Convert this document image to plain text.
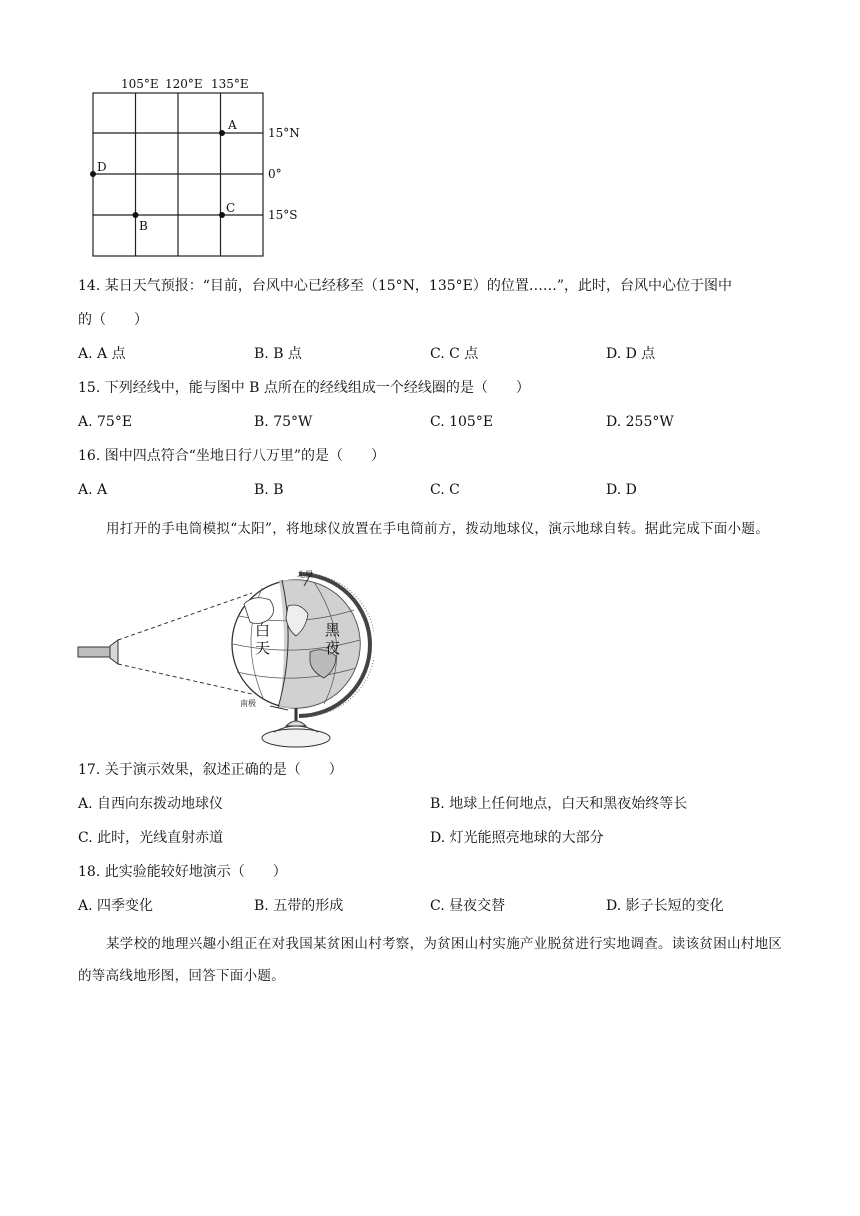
105°E 120°E 135°E
15°N
0°
15°S
A
B
C
D
14. 某日天气预报：“目前，台风中心已经移至（15°N，135°E）的位置……”，此时，台风中心位于图中
的（　　）
A. A 点	B. B 点	C. C 点	D. D 点
15. 下列经线中，能与图中 B 点所在的经线组成一个经线圈的是（　　）
A. 75°E	B. 75°W	C. 105°E	D. 255°W
16. 图中四点符合“坐地日行八万里”的是（　　）
A. A	B. B	C. C	D. D
用打开的手电筒模拟“太阳”，将地球仪放置在手电筒前方，拨动地球仪，演示地球自转。据此完成下面小题。
北极
南极
白
天
黑
夜
17. 关于演示效果，叙述正确的是（　　）
A. 自西向东拨动地球仪	B. 地球上任何地点，白天和黑夜始终等长
C. 此时，光线直射赤道	D. 灯光能照亮地球的大部分
18. 此实验能较好地演示（　　）
A. 四季变化	B. 五带的形成	C. 昼夜交替	D. 影子长短的变化
某学校的地理兴趣小组正在对我国某贫困山村考察，为贫困山村实施产业脱贫进行实地调查。读该贫困山村地区的等高线地形图，回答下面小题。
